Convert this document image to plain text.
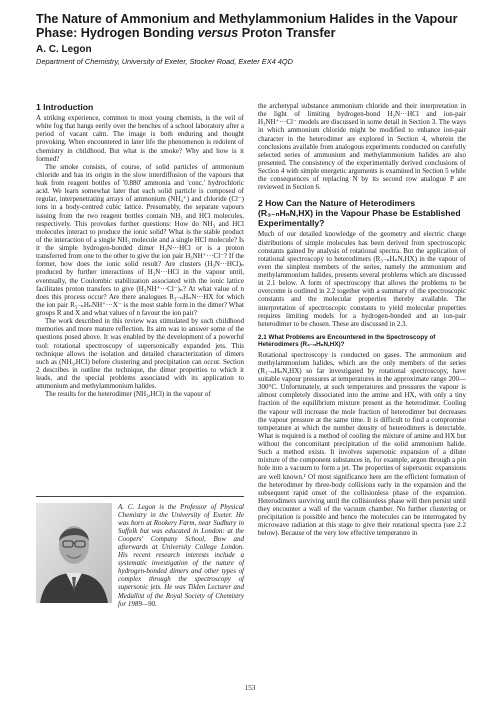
The Nature of Ammonium and Methylammonium Halides in the Vapour Phase: Hydrogen Bonding versus Proton Transfer
A. C. Legon
Department of Chemistry, University of Exeter, Stocker Road, Exeter EX4 4QD
1 Introduction

A striking experience, common to most young chemists, is the veil of white fog that hangs eerily over the benches of a school laboratory after a period of vacant calm. The image is both enduring and thought provoking. When encountered in later life the phenomenon is redolent of chemistry in childhood. But what is the smoke? Why and how is it formed?

The smoke consists, of course, of solid particles of ammonium chloride and has its origin in the slow interdiffusion of the vapours that leak from reagent bottles of '0.880' ammonia and 'conc.' hydrochloric acid. We learn somewhat later that each solid particle is composed of regular, interpenetrating arrays of ammonium (NH₄⁺) and chloride (Cl⁻) ions in a body-centred cubic lattice. Presumably, the separate vapours issuing from the two reagent bottles contain NH₃ and HCl molecules, respectively. This provokes further questions: How do NH₃ and HCl molecules interact to produce the ionic solid? What is the stable product of the interaction of a single NH₃ molecule and a single HCl molecule? Is it the simple hydrogen-bonded dimer H₃N···HCl or is a proton transferred from one to the other to give the ion pair H₃NH⁺···Cl⁻? If the former, how does the ionic solid result? Are clusters (H₃N···HCl)ₙ produced by further interactions of H₃N···HCl in the vapour until, eventually, the Coulombic stabilization associated with the ionic lattice facilitates proton transfers to give (H₃NH⁺···Cl⁻)ₙ? At what value of n does this process occur? Are there analogues R₃₋ₙHₙN···HX for which the ion pair R₃₋ₙHₙNH⁺···X⁻ is the most stable form in the dimer? What groups R and X and what values of n favour the ion pair?

The work described in this review was stimulated by such childhood memories and more mature reflection. Its aim was to answer some of the questions posed above. It was enabled by the development of a powerful tool: rotational spectroscopy of supersonically expanded jets. This technique allows the isolation and detailed characterization of dimers such as (NH₃,HCl) before clustering and precipitation can occur. Section 2 describes in outline the technique, the dimer properties to which it leads, and the special problems associated with its application to ammonium and methylammonium halides.

The results for the heterodimer (NH₃,HCl) in the vapour of

A. C. Legon is the Professor of Physical Chemistry in the University of Exeter. He was born at Rookery Farm, near Sudbury in Suffolk but was educated in London: at the Coopers' Company School, Bow and afterwards at University College London. His recent research interests include a systematic investigation of the nature of hydrogen-bonded dimers and other types of complex through the spectroscopy of supersonic jets. He was Tilden Lecturer and Medallist of the Royal Society of Chemistry for 1989—90.

the archetypal substance ammonium chloride and their interpretation in the light of limiting hydrogen-bond H₃N···HCl and ion-pair H₃NH⁺···Cl⁻ models are discussed in some detail in Section 3. The ways in which ammonium chloride might be modified to enhance ion-pair character in the heterodimer are explored in Section 4, wherein the conclusions available from analogous experiments conducted on carefully selected series of ammonium and methylammonium halides are also presented. The consistency of the experimentally derived conclusions of Section 4 with simple energetic arguments is examined in Section 5 while the consequences of replacing N by its second row analogue P are reviewed in Section 6.

2 How Can the Nature of Heterodimers (R₃₋ₙHₙN,HX) in the Vapour Phase be Established Experimentally?

Much of our detailed knowledge of the geometry and electric charge distributions of simple molecules has been derived from spectroscopic constants gained by analysis of rotational spectra. But the application of rotational spectroscopy to heterodimers (R₃₋ₙHₙN,HX) in the vapour of even the simplest members of the series, namely the ammonium and methylammonium halides, presents several problems which are discussed in 2.1 below. A form of spectroscopy that allows the problems to be overcome is outlined in 2.2 together with a summary of the spectroscopic constants and the molecular properties thereby available. The interpretation of spectroscopic constants to yield molecular properties requires limiting models for a hydrogen-bonded and an ion-pair heterodimer to be chosen. These are discussed in 2.3.

2.1 What Problems are Encountered in the Spectroscopy of Heterodimers (R₃₋ₙHₙN,HX)?

Rotational spectroscopy is conducted on gases. The ammonium and methylammonium halides, which are the only members of the series (R₃₋ₙHₙN,HX) so far investigated by rotational spectroscopy, have suitable vapour pressures at temperatures in the approximate range 200—300°C. Unfortunately, at such temperatures and pressures the vapour is almost completely dissociated into the amine and HX, with only a tiny fraction of the equilibrium mixture present as the heterodimer. Cooling the vapour will increase the mole fraction of heterodimer but decreases the vapour pressure at the same time. It is difficult to find a compromise temperature at which the number density of heterodimers is detectable. What is required is a method of cooling the mixture of amine and HX but without the concomitant precipitation of the solid ammonium halide. Such a method exists. It involves supersonic expansion of a dilute mixture of the component substances in, for example, argon through a pin hole into a vacuum to form a jet. The properties of supersonic expansions are well known.¹ Of most significance here are the efficient formation of the heterodimer by three-body collisions early in the expansion and the subsequent rapid onset of the collisionless phase of the expansion. Heterodimers surviving until the collisionless phase will then persist until they encounter a wall of the vacuum chamber. No further clustering or precipitation is possible and hence the molecules can be interrogated by microwave radiation at this stage to give their rotational spectra (see 2.2 below). Because of the very low effective temperature in

153
